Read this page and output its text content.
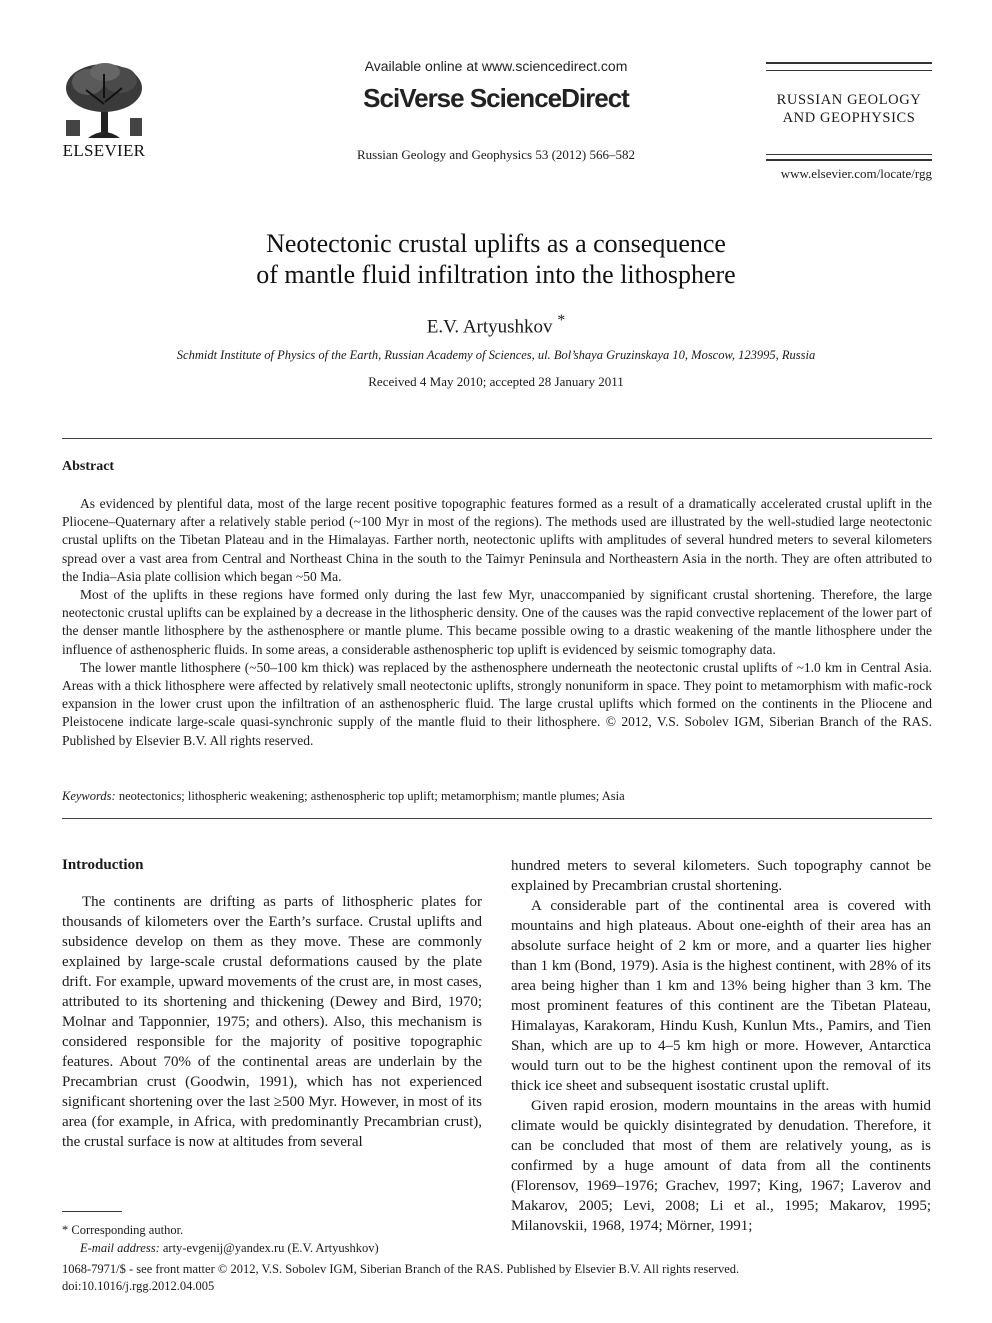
ELSEVIER
Available online at www.sciencedirect.com
SciVerse ScienceDirect
Russian Geology and Geophysics 53 (2012) 566–582
RUSSIAN GEOLOGY
AND GEOPHYSICS
www.elsevier.com/locate/rgg
Neotectonic crustal uplifts as a consequence
of mantle fluid infiltration into the lithosphere
E.V. Artyushkov *
Schmidt Institute of Physics of the Earth, Russian Academy of Sciences, ul. Bol’shaya Gruzinskaya 10, Moscow, 123995, Russia
Received 4 May 2010; accepted 28 January 2011
Abstract

As evidenced by plentiful data, most of the large recent positive topographic features formed as a result of a dramatically accelerated crustal uplift in the Pliocene–Quaternary after a relatively stable period (~100 Myr in most of the regions). The methods used are illustrated by the well-studied large neotectonic crustal uplifts on the Tibetan Plateau and in the Himalayas. Farther north, neotectonic uplifts with amplitudes of several hundred meters to several kilometers spread over a vast area from Central and Northeast China in the south to the Taimyr Peninsula and Northeastern Asia in the north. They are often attributed to the India–Asia plate collision which began ~50 Ma.

Most of the uplifts in these regions have formed only during the last few Myr, unaccompanied by significant crustal shortening. Therefore, the large neotectonic crustal uplifts can be explained by a decrease in the lithospheric density. One of the causes was the rapid convective replacement of the lower part of the denser mantle lithosphere by the asthenosphere or mantle plume. This became possible owing to a drastic weakening of the mantle lithosphere under the influence of asthenospheric fluids. In some areas, a considerable asthenospheric top uplift is evidenced by seismic tomography data.

The lower mantle lithosphere (~50–100 km thick) was replaced by the asthenosphere underneath the neotectonic crustal uplifts of ~1.0 km in Central Asia. Areas with a thick lithosphere were affected by relatively small neotectonic uplifts, strongly nonuniform in space. They point to metamorphism with mafic-rock expansion in the lower crust upon the infiltration of an asthenospheric fluid. The large crustal uplifts which formed on the continents in the Pliocene and Pleistocene indicate large-scale quasi-synchronic supply of the mantle fluid to their lithosphere. © 2012, V.S. Sobolev IGM, Siberian Branch of the RAS. Published by Elsevier B.V. All rights reserved.

Keywords: neotectonics; lithospheric weakening; asthenospheric top uplift; metamorphism; mantle plumes; Asia
Introduction

The continents are drifting as parts of lithospheric plates for thousands of kilometers over the Earth’s surface. Crustal uplifts and subsidence develop on them as they move. These are commonly explained by large-scale crustal deformations caused by the plate drift. For example, upward movements of the crust are, in most cases, attributed to its shortening and thickening (Dewey and Bird, 1970; Molnar and Tapponnier, 1975; and others). Also, this mechanism is considered responsible for the majority of positive topographic features. About 70% of the continental areas are underlain by the Precambrian crust (Goodwin, 1991), which has not experienced significant shortening over the last ≥500 Myr. However, in most of its area (for example, in Africa, with predominantly Precambrian crust), the crustal surface is now at altitudes from several

hundred meters to several kilometers. Such topography cannot be explained by Precambrian crustal shortening.

A considerable part of the continental area is covered with mountains and high plateaus. About one-eighth of their area has an absolute surface height of 2 km or more, and a quarter lies higher than 1 km (Bond, 1979). Asia is the highest continent, with 28% of its area being higher than 1 km and 13% being higher than 3 km. The most prominent features of this continent are the Tibetan Plateau, Himalayas, Karakoram, Hindu Kush, Kunlun Mts., Pamirs, and Tien Shan, which are up to 4–5 km high or more. However, Antarctica would turn out to be the highest continent upon the removal of its thick ice sheet and subsequent isostatic crustal uplift.

Given rapid erosion, modern mountains in the areas with humid climate would be quickly disintegrated by denudation. Therefore, it can be concluded that most of them are relatively young, as is confirmed by a huge amount of data from all the continents (Florensov, 1969–1976; Grachev, 1997; King, 1967; Laverov and Makarov, 2005; Levi, 2008; Li et al., 1995; Makarov, 1995; Milanovskii, 1968, 1974; Mörner, 1991;

* Corresponding author.
E-mail address: arty-evgenij@yandex.ru (E.V. Artyushkov)
1068-7971/$ - see front matter © 2012, V.S. Sobolev IGM, Siberian Branch of the RAS. Published by Elsevier B.V. All rights reserved.
doi:10.1016/j.rgg.2012.04.005
